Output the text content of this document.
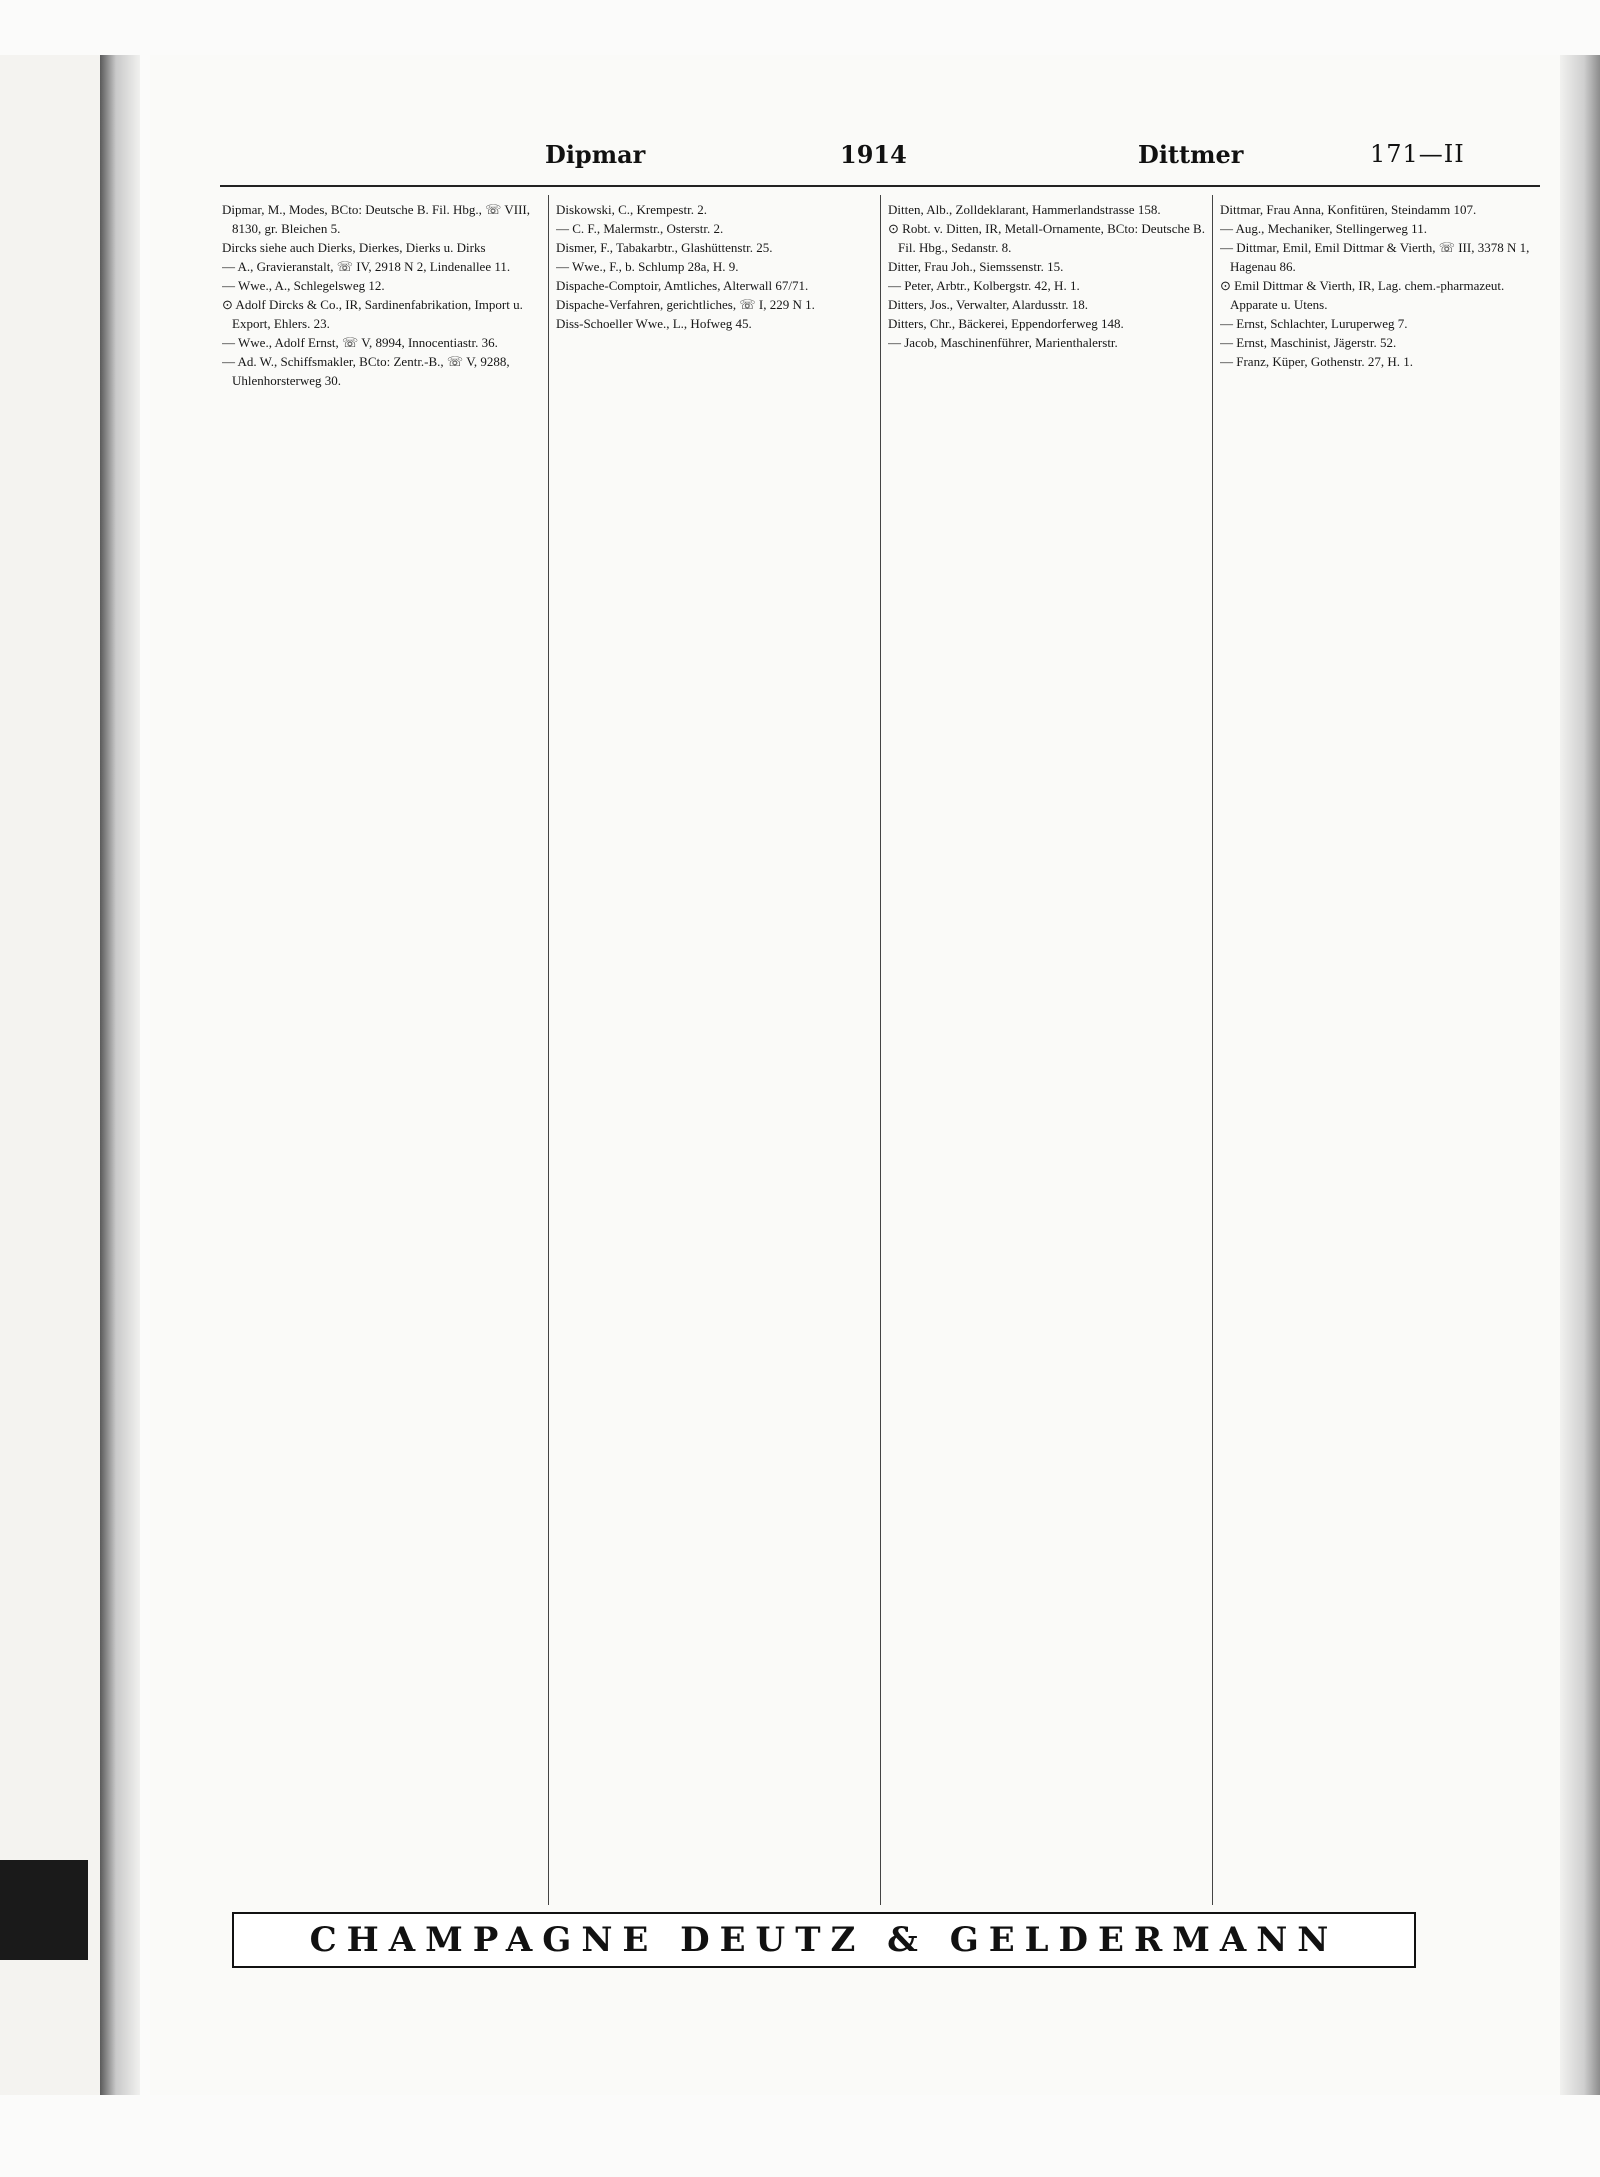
Dipmar	1914	Dittmer	171—II
Dipmar, M., Modes, BCto: Deutsche B. Fil. Hbg., ☏ VIII, 8130, gr. Bleichen 5.
Dircks siehe auch Dierks, Dierkes, Dierks u. Dirks
— A., Gravieranstalt, ☏ IV, 2918 N 2, Lindenallee 11.
— Wwe., A., Schlegelsweg 12.
⊙ Adolf Dircks & Co., IR, Sardinenfabrikation, Import u. Export, Ehlers. 23.
— Wwe., Adolf Ernst, ☏ V, 8994, Innocentiastr. 36.
— Ad. W., Schiffsmakler, BCto: Zentr.-B., ☏ V, 9288, Uhlenhorsterweg 30.
Diskowski, C., Krempestr. 2.
— C. F., Malermstr., Osterstr. 2.
Dismer, F., Tabakarbtr., Glashüttenstr. 25.
— Wwe., F., b. Schlump 28a, H. 9.
Dispache-Comptoir, Amtliches, Alterwall 67/71.
Dispache-Verfahren, gerichtliches, ☏ I, 229 N 1.
Diss-Schoeller Wwe., L., Hofweg 45.
Ditten, Alb., Zolldeklarant, Hammerlandstrasse 158.
⊙ Robt. v. Ditten, IR, Metall-Ornamente, BCto: Deutsche B. Fil. Hbg., Sedanstr. 8.
Ditter, Frau Joh., Siemssenstr. 15.
— Peter, Arbtr., Kolbergstr. 42, H. 1.
Ditters, Jos., Verwalter, Alardusstr. 18.
Ditters, Chr., Bäckerei, Eppendorferweg 148.
— Jacob, Maschinenführer, Marienthalerstr.
Dittmar, Frau Anna, Konfitüren, Steindamm 107.
— Aug., Mechaniker, Stellingerweg 11.
— Dittmar, Emil, Emil Dittmar & Vierth, ☏ III, 3378 N 1, Hagenau 86.
⊙ Emil Dittmar & Vierth, IR, Lag. chem.-pharmazeut. Apparate u. Utens.
— Ernst, Schlachter, Luruperweg 7.
— Ernst, Maschinist, Jägerstr. 52.
— Franz, Küper, Gothenstr. 27, H. 1.
CHAMPAGNE DEUTZ & GELDERMANN
